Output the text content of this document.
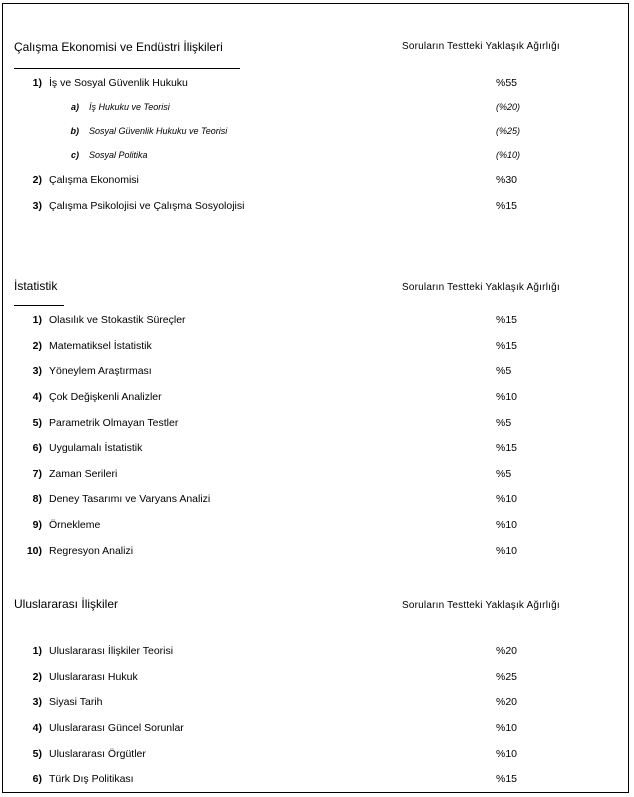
Çalışma Ekonomisi ve Endüstri İlişkileri	Soruların Testteki Yaklaşık Ağırlığı
1) İş ve Sosyal Güvenlik Hukuku	%55
a) İş Hukuku ve Teorisi	(%20)
b) Sosyal Güvenlik Hukuku ve Teorisi	(%25)
c) Sosyal Politika	(%10)
2) Çalışma Ekonomisi	%30
3) Çalışma Psikolojisi ve Çalışma Sosyolojisi	%15
İstatistik	Soruların Testteki Yaklaşık Ağırlığı
1) Olasılık ve Stokastik Süreçler	%15
2) Matematiksel İstatistik	%15
3) Yöneylem Araştırması	%5
4) Çok Değişkenli Analizler	%10
5) Parametrik Olmayan Testler	%5
6) Uygulamalı İstatistik	%15
7) Zaman Serileri	%5
8) Deney Tasarımı ve Varyans Analizi	%10
9) Örnekleme	%10
10) Regresyon Analizi	%10
Uluslararası İlişkiler	Soruların Testteki Yaklaşık Ağırlığı
1) Uluslararası İlişkiler Teorisi	%20
2) Uluslararası Hukuk	%25
3) Siyasi Tarih	%20
4) Uluslararası Güncel Sorunlar	%10
5) Uluslararası Örgütler	%10
6) Türk Dış Politikası	%15
